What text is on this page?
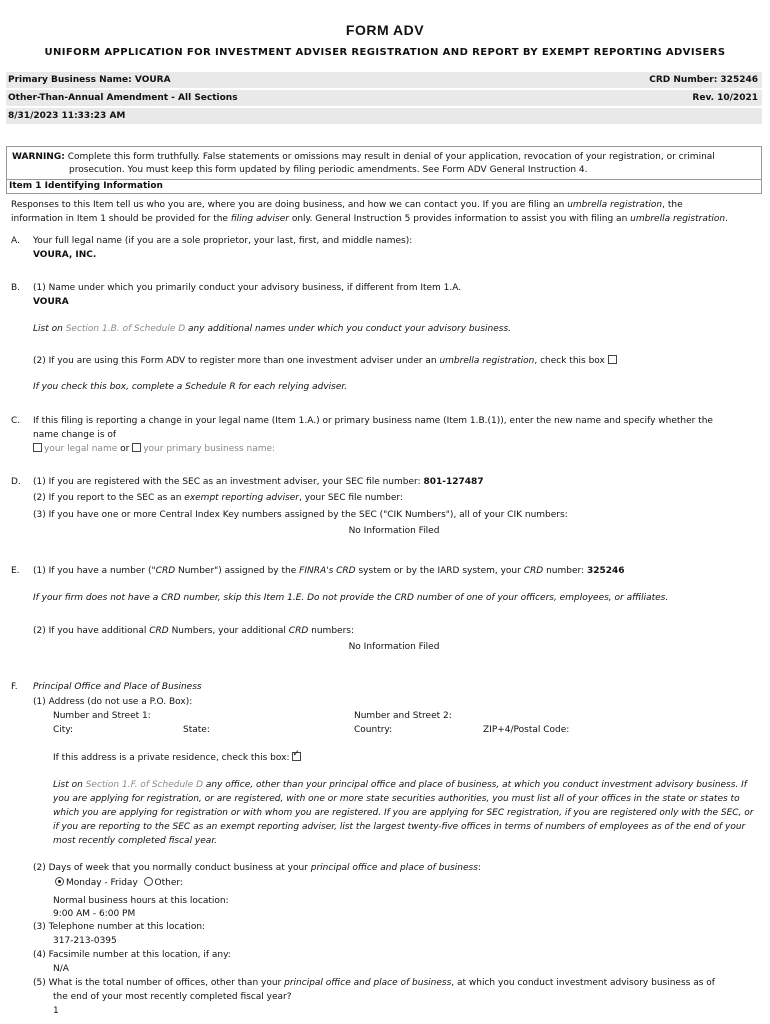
FORM ADV
UNIFORM APPLICATION FOR INVESTMENT ADVISER REGISTRATION AND REPORT BY EXEMPT REPORTING ADVISERS
Primary Business Name: VOURA	CRD Number: 325246
Other-Than-Annual Amendment - All Sections	Rev. 10/2021
8/31/2023 11:33:23 AM
WARNING: Complete this form truthfully. False statements or omissions may result in denial of your application, revocation of your registration, or criminal
prosecution. You must keep this form updated by filing periodic amendments. See Form ADV General Instruction 4.
Item 1 Identifying Information
Responses to this Item tell us who you are, where you are doing business, and how we can contact you. If you are filing an umbrella registration, the
information in Item 1 should be provided for the filing adviser only. General Instruction 5 provides information to assist you with filing an umbrella registration.
A. Your full legal name (if you are a sole proprietor, your last, first, and middle names):
VOURA, INC.
B. (1) Name under which you primarily conduct your advisory business, if different from Item 1.A.
VOURA
List on Section 1.B. of Schedule D any additional names under which you conduct your advisory business.
(2) If you are using this Form ADV to register more than one investment adviser under an umbrella registration, check this box
If you check this box, complete a Schedule R for each relying adviser.
C. If this filing is reporting a change in your legal name (Item 1.A.) or primary business name (Item 1.B.(1)), enter the new name and specify whether the
name change is of
your legal name or your primary business name:
D. (1) If you are registered with the SEC as an investment adviser, your SEC file number: 801-127487
(2) If you report to the SEC as an exempt reporting adviser, your SEC file number:
(3) If you have one or more Central Index Key numbers assigned by the SEC ("CIK Numbers"), all of your CIK numbers:
No Information Filed
E. (1) If you have a number ("CRD Number") assigned by the FINRA's CRD system or by the IARD system, your CRD number: 325246
If your firm does not have a CRD number, skip this Item 1.E. Do not provide the CRD number of one of your officers, employees, or affiliates.
(2) If you have additional CRD Numbers, your additional CRD numbers:
No Information Filed
F. Principal Office and Place of Business
(1) Address (do not use a P.O. Box):
Number and Street 1:	Number and Street 2:
City:	State:	Country:	ZIP+4/Postal Code:
If this address is a private residence, check this box: ✓
List on Section 1.F. of Schedule D any office, other than your principal office and place of business, at which you conduct investment advisory business. If
you are applying for registration, or are registered, with one or more state securities authorities, you must list all of your offices in the state or states to
which you are applying for registration or with whom you are registered. If you are applying for SEC registration, if you are registered only with the SEC, or
if you are reporting to the SEC as an exempt reporting adviser, list the largest twenty-five offices in terms of numbers of employees as of the end of your
most recently completed fiscal year.
(2) Days of week that you normally conduct business at your principal office and place of business:
Monday - Friday Other:
Normal business hours at this location:
9:00 AM - 6:00 PM
(3) Telephone number at this location:
317-213-0395
(4) Facsimile number at this location, if any:
N/A
(5) What is the total number of offices, other than your principal office and place of business, at which you conduct investment advisory business as of
the end of your most recently completed fiscal year?
1
